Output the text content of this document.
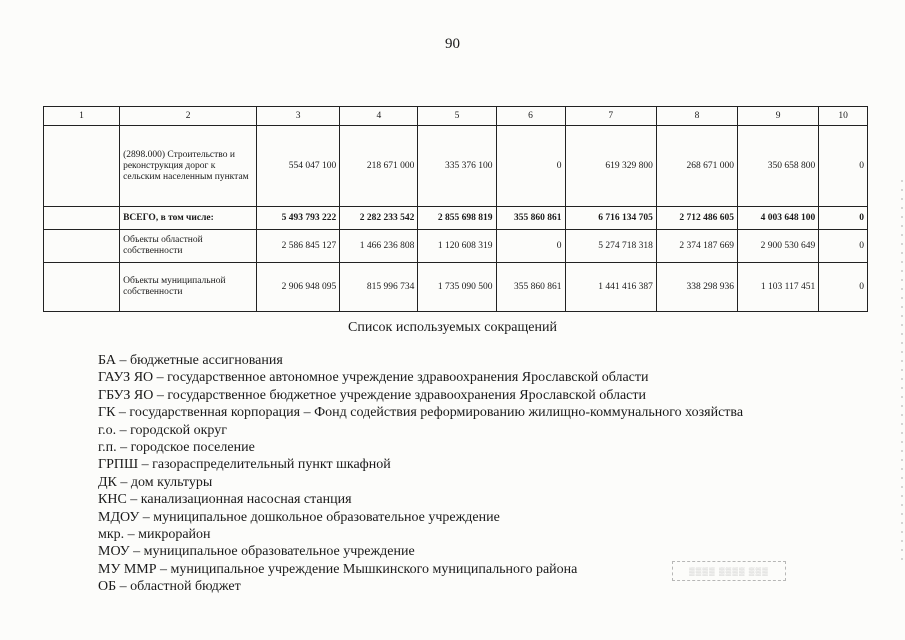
90
1	2	3	4	5	6	7	8	9	10
	(2898.000) Строительство и реконструкция дорог к сельским населенным пунктам	554 047 100	218 671 000	335 376 100	0	619 329 800	268 671 000	350 658 800	0
	ВСЕГО, в том числе:	5 493 793 222	2 282 233 542	2 855 698 819	355 860 861	6 716 134 705	2 712 486 605	4 003 648 100	0
	Объекты областной собственности	2 586 845 127	1 466 236 808	1 120 608 319	0	5 274 718 318	2 374 187 669	2 900 530 649	0
	Объекты муниципальной собственности	2 906 948 095	815 996 734	1 735 090 500	355 860 861	1 441 416 387	338 298 936	1 103 117 451	0
Список используемых сокращений
БА – бюджетные ассигнования
ГАУЗ ЯО – государственное автономное учреждение здравоохранения Ярославской области
ГБУЗ ЯО – государственное бюджетное учреждение здравоохранения Ярославской области
ГК – государственная корпорация – Фонд содействия реформированию жилищно-коммунального хозяйства
г.о. – городской округ
г.п. – городское поселение
ГРПШ – газораспределительный пункт шкафной
ДК – дом культуры
КНС – канализационная насосная станция
МДОУ – муниципальное дошкольное образовательное учреждение
мкр. – микрорайон
МОУ – муниципальное образовательное учреждение
МУ ММР – муниципальное учреждение Мышкинского муниципального района
ОБ – областной бюджет
▒▒▒▒ ▒▒▒▒ ▒▒▒
